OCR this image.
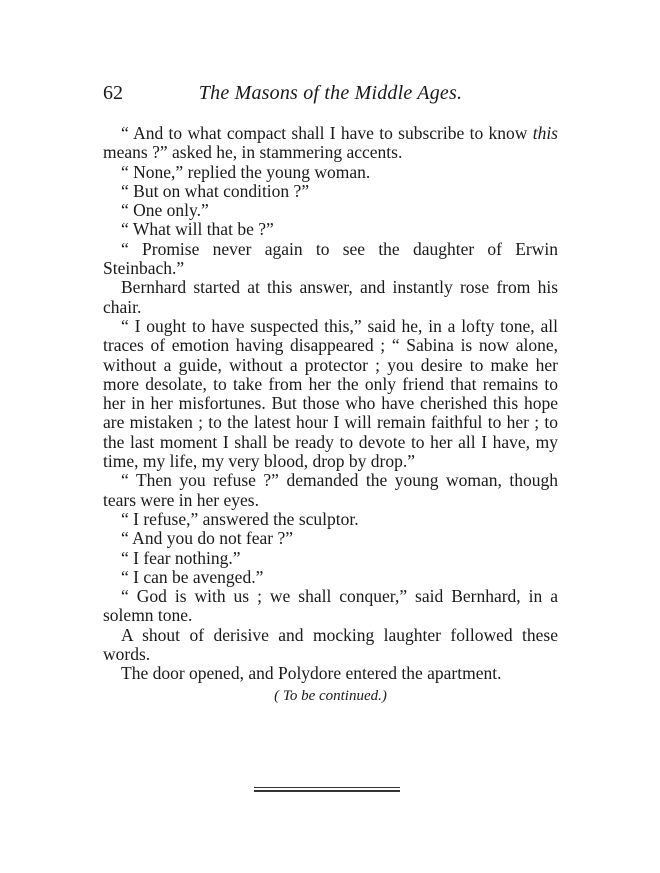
62	The Masons of the Middle Ages.

“ And to what compact shall I have to subscribe to know this means ?” asked he, in stammering accents.

“ None,” replied the young woman.

“ But on what condition ?”

“ One only.”

“ What will that be ?”

“ Promise never again to see the daughter of Erwin Steinbach.”

Bernhard started at this answer, and instantly rose from his chair.

“ I ought to have suspected this,” said he, in a lofty tone, all traces of emotion having disappeared ; “ Sabina is now alone, without a guide, without a protector ; you desire to make her more desolate, to take from her the only friend that remains to her in her misfortunes. But those who have cherished this hope are mistaken ; to the latest hour I will remain faithful to her ; to the last moment I shall be ready to devote to her all I have, my time, my life, my very blood, drop by drop.”

“ Then you refuse ?” demanded the young woman, though tears were in her eyes.

“ I refuse,” answered the sculptor.

“ And you do not fear ?”

“ I fear nothing.”

“ I can be avenged.”

“ God is with us ; we shall conquer,” said Bernhard, in a solemn tone.

A shout of derisive and mocking laughter followed these words.

The door opened, and Polydore entered the apartment.

( To be continued.)
